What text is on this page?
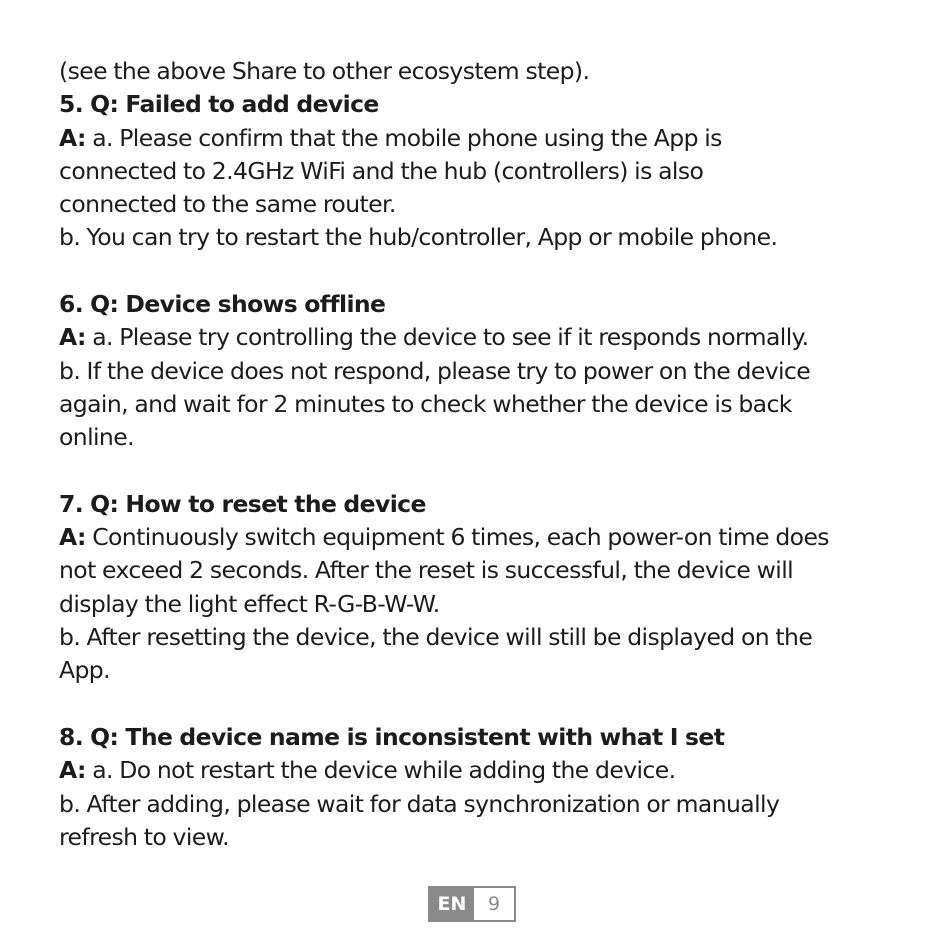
(see the above Share to other ecosystem step).

5. Q: Failed to add device

A: a. Please confirm that the mobile phone using the App is

connected to 2.4GHz WiFi and the hub (controllers) is also

connected to the same router.

b. You can try to restart the hub/controller, App or mobile phone.

6. Q: Device shows offline

A: a. Please try controlling the device to see if it responds normally.

b. If the device does not respond, please try to power on the device

again, and wait for 2 minutes to check whether the device is back

online.

7. Q: How to reset the device

A: Continuously switch equipment 6 times, each power-on time does

not exceed 2 seconds. After the reset is successful, the device will

display the light effect R-G-B-W-W.

b. After resetting the device, the device will still be displayed on the

App.

8. Q: The device name is inconsistent with what I set

A: a. Do not restart the device while adding the device.

b. After adding, please wait for data synchronization or manually

refresh to view.

EN	9
